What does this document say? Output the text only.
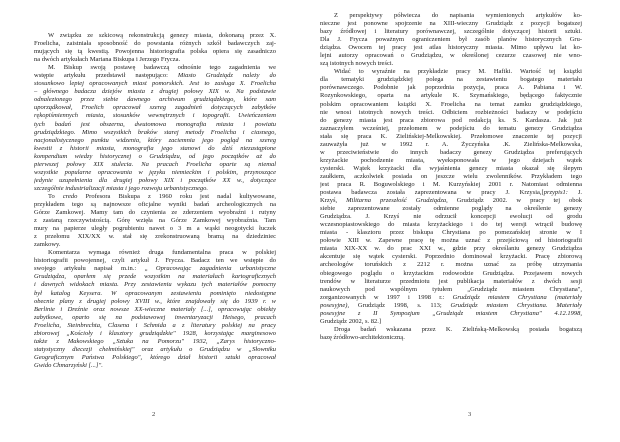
W związku ze szkicową rekonstrukcją genezy miasta, dokonaną przez X.
Froelicha, zaistniała sposobność do powstania różnych szkół badawczych zaj-
mujących się tą kwestią. Powojenna historiografia polska opiera się zasadniczo
na dwóch artykułach Mariana Biskupa i Jerzego Frycza.
M. Biskup swoją postawę badawczą odnośnie tego zagadnienia we
wstępie artykułu przedstawił następująco: Miasto Grudziądz należy do
stosunkowo lepiej opracowanych miast pomorskich. Jest to zasługa X. Froelicha
– głównego badacza dziejów miasta z drugiej połowy XIX w. Na podstawie
odnalezionego przez siebie dawnego archiwum grudziądzkiego, które sam
uporządkował, Froelich opracował szereg zagadnień dotyczących zabytków
rękopiśmiennych miasta, stosunków wewnętrznych i topografii. Uwieńczeniem
tych badań jest obszerna, dwutomowa monografia miasta i powiatu
grudziądzkiego. Mimo wszystkich braków starej metody Froelicha i ciasnego,
nacjonalistycznego punktu widzenia, który zaciemnia jego pogląd na szereg
kwestii z historii miasta, monografia jego stanowi do dziś niezastąpione
kompendium wiedzy historycznej o Grudziądzu, od jego początków aż do
pierwszej połowy XIX stulecia. Na pracach Froelicha oparte są niemal
wszystkie popularne opracowania w języku niemieckim i polskim, przynoszące
jedynie uzupełnienia dla drugiej połowy XIX i początków XX w., dotyczące
szczególnie industrializacji miasta i jego rozwoju urbanistycznego.
To credo Profesora Biskupa z 1960 roku jest nadal kultywowane,
przykładem tego są najnowsze oficjalne wyniki badań archeologicznych na
Górze Zamkowej. Mamy tam do czynienia ze zderzeniem wyobraźni i rutyny
z zastaną rzeczywistością. Górę wzięła na Górze Zamkowej wyobraźnia. Tam
mury na papierze uległy pogrubieniu nawet o 3 m a wąski neogotycki łuczek
z przełomu XIX/XX w. stał się zrekonstruowaną bramą na dziedziniec
zamkowy.
Komentarza wymaga również druga fundamentalna praca w polskiej
historiografii powojennej, czyli artykuł J. Frycza. Badacz ten we wstępie do
swojego artykułu napisał m.in.: „ Opracowując zagadnienia urbanistyczne
Grudziądza, oparłem się przede wszystkim na materiałach kartograficznych
i dawnych widokach miasta. Przy zestawieniu wykazu tych materiałów pomocny
był katalog Keysera. W opracowanym zestawieniu pominięto niedostępne
obecnie plany z drugiej połowy XVIII w., które znajdowały się do 1939 r. w
Berlinie i Dreźnie oraz nowsze XX-wieczne materiały [...], opracowując obiekty
zabytkowe, oparto się na podstawowej inwentaryzacji Heisego, pracach
Froelicha, Steinbrechta, Clasena i Schmida a z literatury polskiej na pracy
zbiorowej „Kościoły i klasztory grudziądzkie" 1928, korzystając marginesowo
także z Makowskiego „Sztuka na Pomorzu" 1932, „Zarys historyczno-
statystyczny diecezji chełmińskiej" oraz artykułu o Grudziądzu w „Słowniku
Geograficznym Państwa Polskiego", którego dział historii sztuki opracował
Gwido Chmarzyński [...]".
2
Z perspektywy półwiecza do napisania wymienionych artykułów ko-
nieczne jest ponowne spojrzenie na XIII-wieczny Grudziądz z pozycji bogatszej
bazy źródłowej i literatury porównawczej, szczególnie dotyczącej historii sztuki.
Dla J. Frycza poważnym ograniczeniem był zasób planów historycznych Gru-
dziądza. Owocem tej pracy jest atlas historyczny miasta. Mimo upływu lat ko-
lejni autorzy opracowań o Grudziądzu, w określonej cezurze czasowej nie wno-
szą istotnych nowych treści.
Widać to wyraźnie na przykładzie pracy M. Hafiki. Wartość tej książki
dla tematyki grudziądzkiej polega na zestawieniu bogatego materiału
porównawczego. Podobnie jak poprzednia pozycja, praca A. Pabiana i W.
Rozynkowskiego, oparta na artykule K. Szymańskiego, będącego faktycznie
polskim opracowaniem książki X. Froelicha na temat zamku grudziądzkiego,
nie wnosi istotnych nowych treści. Odbiciem rozbieżności badaczy w podejściu
do genezy miasta jest praca zbiorowa pod redakcją ks. S. Kardasza. Jak już
zaznaczyłem wcześniej, przełomem w podejściu do tematu genezy Grudziądza
stała się praca K. Zielińskiej-Melkowskiej. Przełomowe znaczenie tej pozycji
zauważyła już w 1992 r. A. Życzyńska .K. Zielińska-Melkowska,
w przeciwieństwie do innych badaczy genezy Grudziądza preferujących
krzyżackie pochodzenie miasta, wyeksponowała w jego dziejach wątek
cysterski. Wątek krzyżacki dla wyjaśnienia genezy miasta okazał się ślepym
zaułkiem, aczkolwiek posiada on jeszcze wielu zwolenników. Przykładem tego
jest praca R. Boguwolskiego i M. Kurzyńskiej 2001 r. Natomiast odmienna
postawa badawcza została zaprezentowana w pracy J. Krzysia,[przypis1: J.
Krzyś, Militarna przeszłość Grudziądza, Grudziądz 2002. w pracy tej obok
siebie zaprezentowane zostały odmienne poglądy na określenie genezy
Grudziądza. J. Krzyś nie odrzucił koncepcji ewolucji od grodu
wczesnopiastowskiego do miasta krzyżackiego i do tej wersji wtrącił budowę
miasta - klasztoru przez biskupa Chrystiana po pomezańskiej stronie w I
połowie XIII w. Zapewne pracę tę można uznać z przejściową od historiografii
miasta XIX-XX w. do prac XXI w., gdzie przy określaniu genezy Grudziądza
akcentuje się wątek cysterski. Poprzednio dominował krzyżacki. Pracę zbiorową
archeologów toruńskich z 2212 r. można uznać za próbę utrzymania
obiegowego poglądu o krzyżackim rodowodzie Grudziądza. Przejawem nowych
trendów w literaturze przedmiotu jest publikacja materiałów z dwóch sesji
naukowych pod wspólnym tytułem „Grudziądz miastem Chrystiana",
zorganizowanych w 1997 i 1998 r.: Grudziądz miastem Chrystiana (materiały
posesyjne), Grudziądz 1998, s. 113; Grudziądz miastem Chrystiana. Materiały
posesyjne z II Sympozjum „Grudziądz miastem Chrystiana" 4.12.1998,
Grudziądz 2002, s. 82.]
Droga badań wskazana przez K. Zielińską-Melkowską posiada bogatszą
bazę źródłowo-architektoniczną.
3
